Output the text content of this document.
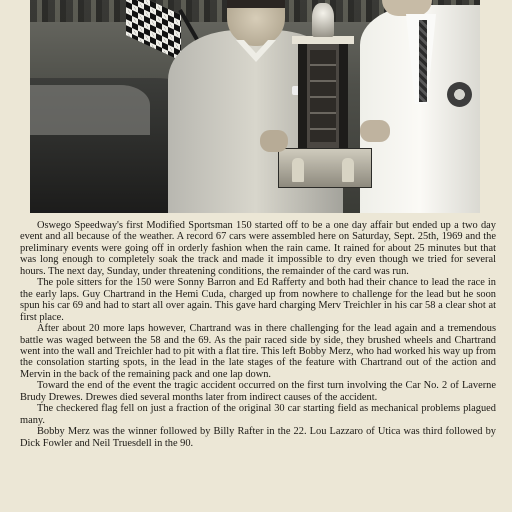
Oswego Speedway's first Modified Sportsman 150 started off to be a one day affair but ended up a two day event and all because of the weather. A record 67 cars were assembled here on Saturday, Sept. 25th, 1969 and the preliminary events were going off in orderly fashion when the rain came. It rained for about 25 minutes but that was long enough to completely soak the track and made it impossible to dry even though we tried for several hours. The next day, Sunday, under threatening conditions, the remainder of the card was run.

The pole sitters for the 150 were Sonny Barron and Ed Rafferty and both had their chance to lead the race in the early laps. Guy Chartrand in the Hemi Cuda, charged up from nowhere to challenge for the lead but he soon spun his car 69 and had to start all over again. This gave hard charging Merv Treichler in his car 58 a clear shot at first place.

After about 20 more laps however, Chartrand was in there challenging for the lead again and a tremendous battle was waged between the 58 and the 69. As the pair raced side by side, they brushed wheels and Chartrand went into the wall and Treichler had to pit with a flat tire. This left Bobby Merz, who had worked his way up from the consolation starting spots, in the lead in the late stages of the feature with Chartrand out of the action and Mervin in the back of the remaining pack and one lap down.

Toward the end of the event the tragic accident occurred on the first turn involving the Car No. 2 of Laverne Brudy Drewes. Drewes died several months later from indirect causes of the accident.

The checkered flag fell on just a fraction of the original 30 car starting field as mechanical problems plagued many.

Bobby Merz was the winner followed by Billy Rafter in the 22. Lou Lazzaro of Utica was third followed by Dick Fowler and Neil Truesdell in the 90.
